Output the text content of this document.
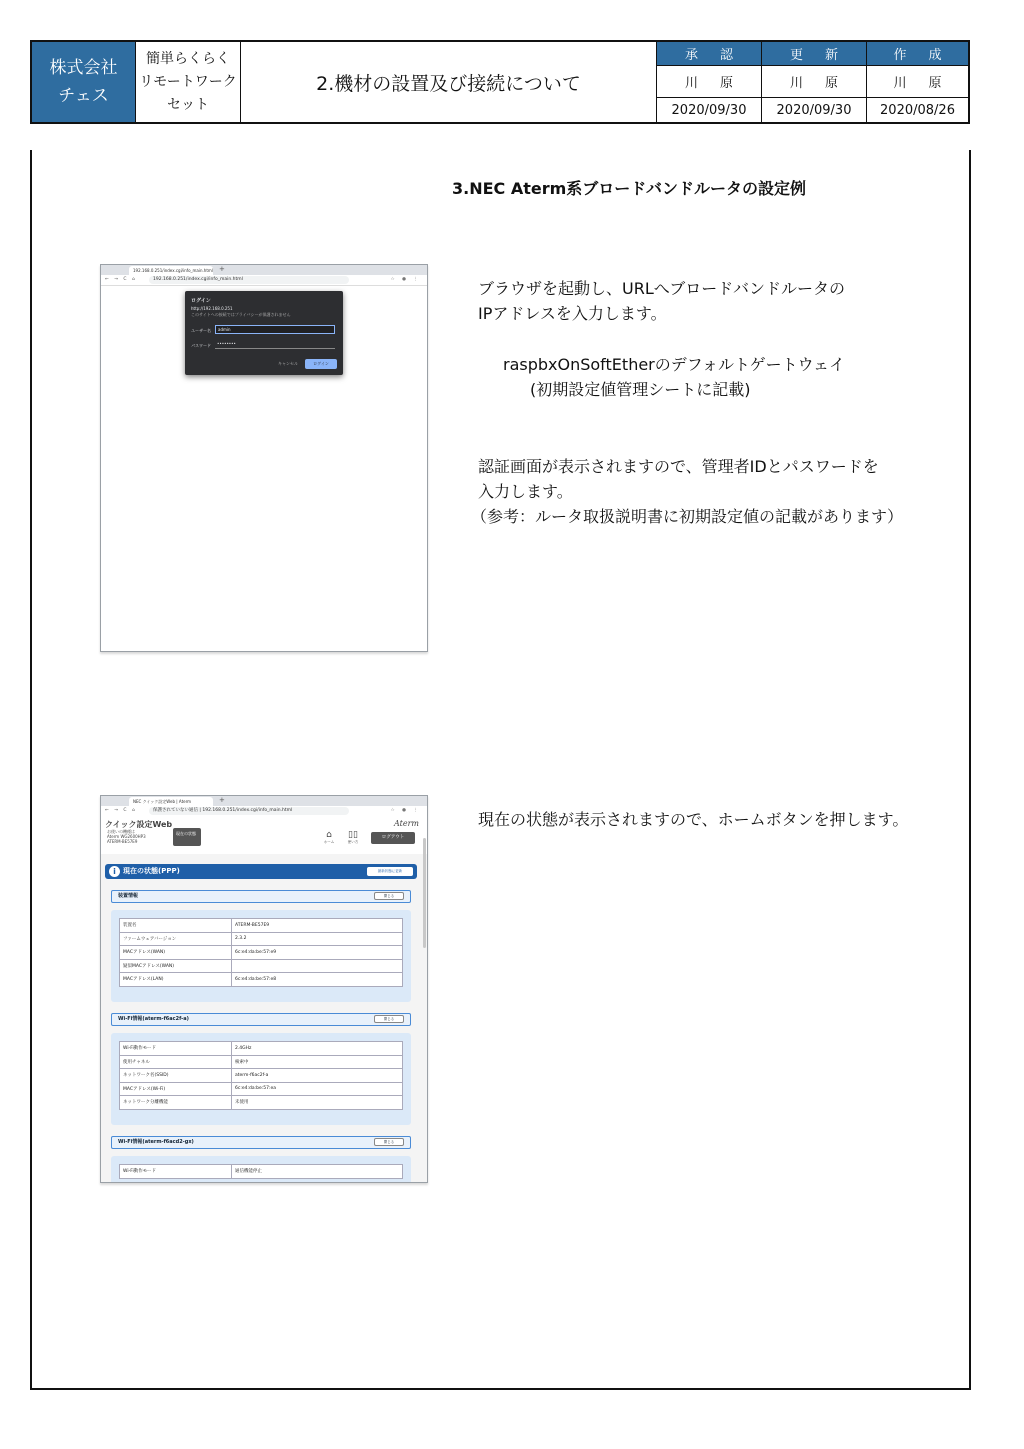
株式会社
チェス
簡単らくらく
リモートワーク
セット
2.機材の設置及び接続について
承認	更新	作成
川原	川原	川原
2020/09/30	2020/09/30	2020/08/26
3.NEC Aterm系ブロードバンドルータの設定例
ブラウザを起動し、URLへブロードバンドルータの
IPアドレスを入力します。
raspbxOnSoftEtherのデフォルトゲートウェイ
(初期設定値管理シートに記載)
認証画面が表示されますので、管理者IDとパスワードを
入力します。
（参考：ルータ取扱説明書に初期設定値の記載があります）
現在の状態が表示されますので、ホームボタンを押します。
192.168.0.251/index.cgi/info_main.html +
← → C ⌂	192.168.0.251/index.cgi/info_main.html	☆ ● ⋮
ログイン
http://192.168.0.251
このサイトへの接続ではプライバシーが保護されません
ユーザー名	admin
パスワード	••••••••
キャンセル	ログイン
NEC クイック設定Web | Aterm	+
← → C ⌂	保護されていない通信 | 192.168.0.251/index.cgi/info_main.html	☆ ● ⋮
クイック設定Web
お使いの機種は
Aterm WG2600HP3
ATERM-BE57E9
現在の状態
Aterm
⌂
ホーム
▯▯
使い方
ログアウト
i	現在の状態(PPP)	最新状態に更新
装置情報	閉じる
装置名	ATERM-BE57E9
ファームウェアバージョン	2.3.2
MACアドレス(WAN)	6c:e4:da:be:57:e9
疑似MACアドレス(WAN)	
MACアドレス(LAN)	6c:e4:da:be:57:e8
Wi-Fi情報(aterm-f6ac2f-a)	閉じる
Wi-Fi動作モード	2.4GHz
使用チャネル	検索中
ネットワーク名(SSID)	aterm-f6ac2f-a
MACアドレス(Wi-Fi)	6c:e4:da:be:57:ea
ネットワーク分離機能	未使用
Wi-Fi情報(aterm-f6acd2-gx)	閉じる
Wi-Fi動作モード	通信機能停止
